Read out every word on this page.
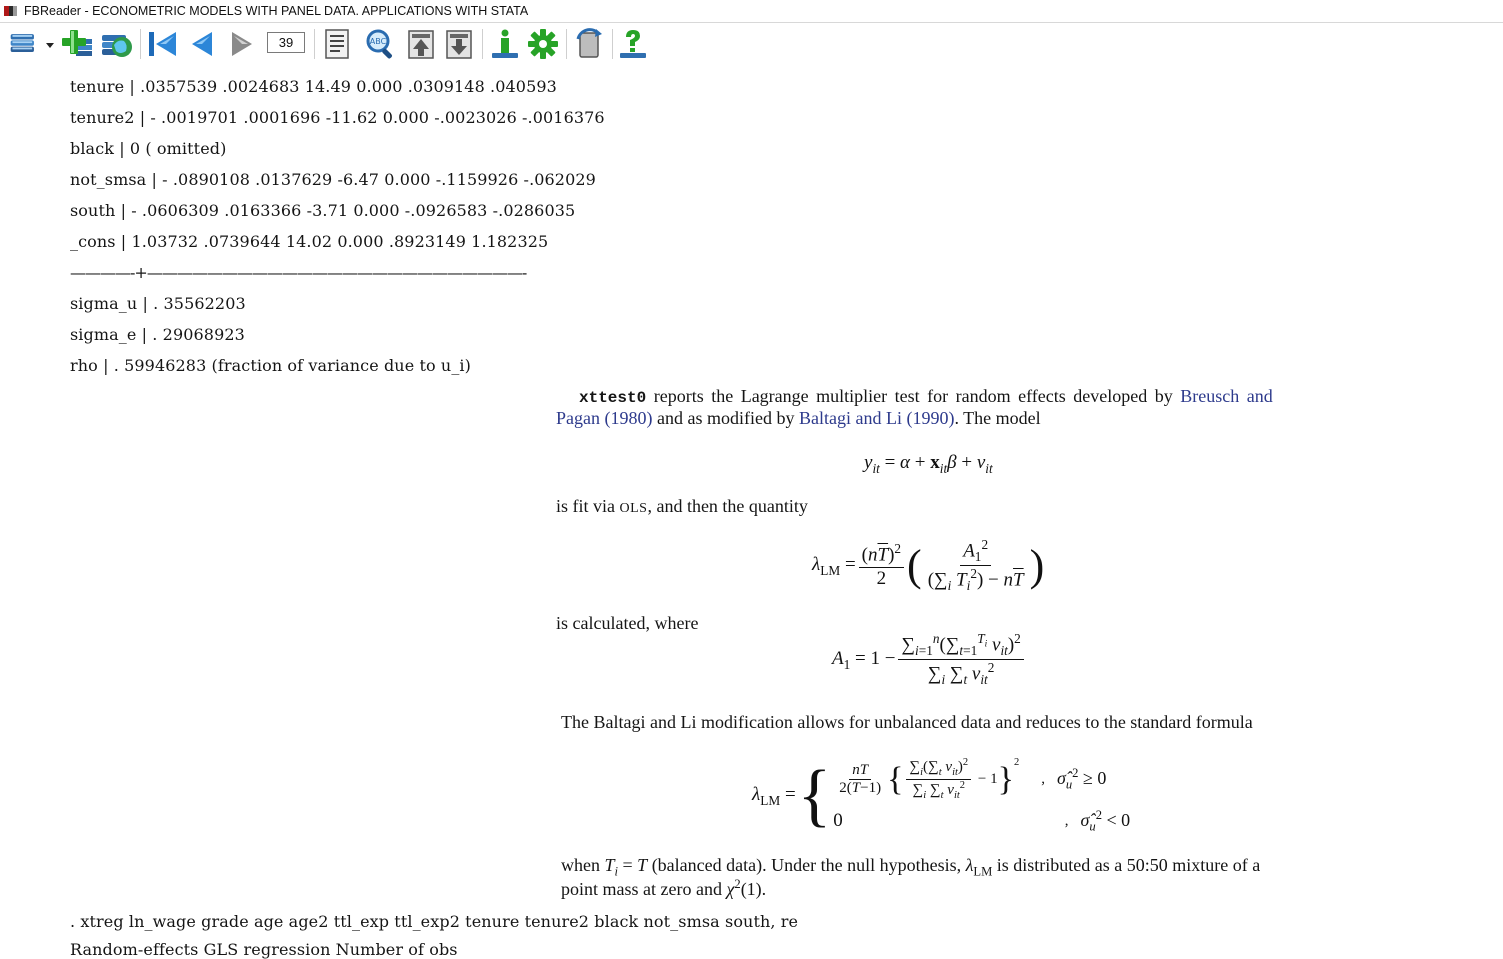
FBReader - ECONOMETRIC MODELS WITH PANEL DATA. APPLICATIONS WITH STATA
39	ABC
tenure | .0357539 .0024683 14.49 0.000 .0309148 .040593
tenure2 | - .0019701 .0001696 -11.62 0.000 -.0023026 -.0016376
black | 0 ( omitted)
not_smsa | - .0890108 .0137629 -6.47 0.000 -.1159926 -.062029
south | - .0606309 .0163366 -3.71 0.000 -.0926583 -.0286035
_cons | 1.03732 .0739644 14.02 0.000 .8923149 1.182325
————-+—————————————————————————-
sigma_u | . 35562203
sigma_e | . 29068923
rho | . 59946283 (fraction of variance due to u_i)
xttest0 reports the Lagrange multiplier test for random effects developed by Breusch and
Pagan (1980) and as modified by Baltagi and Li (1990). The model
$y_{it} = \alpha + x_{it}\beta + \nu_{it}$
is fit via OLS, and then the quantity
$\lambda_{LM} = \frac{(n\overline{T})^2}{2}$ ( $\frac{A_1^2}{(\sum_i T_i^2) - n\overline{T}}$ )
is calculated, where
$A_1 = 1 - \frac{\sum_{i=1}^n(\sum_{t=1}^{T_i} v_{it})^2}{\sum_i \sum_t v_{it}^2}$
The Baltagi and Li modification allows for unbalanced data and reduces to the standard formula
$\lambda_{LM}$ = { $\frac{nT}{2(T-1)}$ { $\frac{\sum_i(\sum_t v_{it})^2}{\sum_i \sum_t v_{it}^2} - 1$ }$^2$
, $\sigmâ_u^2 \ge 0$
0	, $\sigmâ_u^2 < 0$
when $T_i = T$ (balanced data). Under the null hypothesis, $\lambda_{LM}$ is distributed as a 50:50 mixture of a
point mass at zero and $\chi^2(1)$.
. xtreg ln_wage grade age age2 ttl_exp ttl_exp2 tenure tenure2 black not_smsa south, re
Random-effects GLS regression Number of obs
